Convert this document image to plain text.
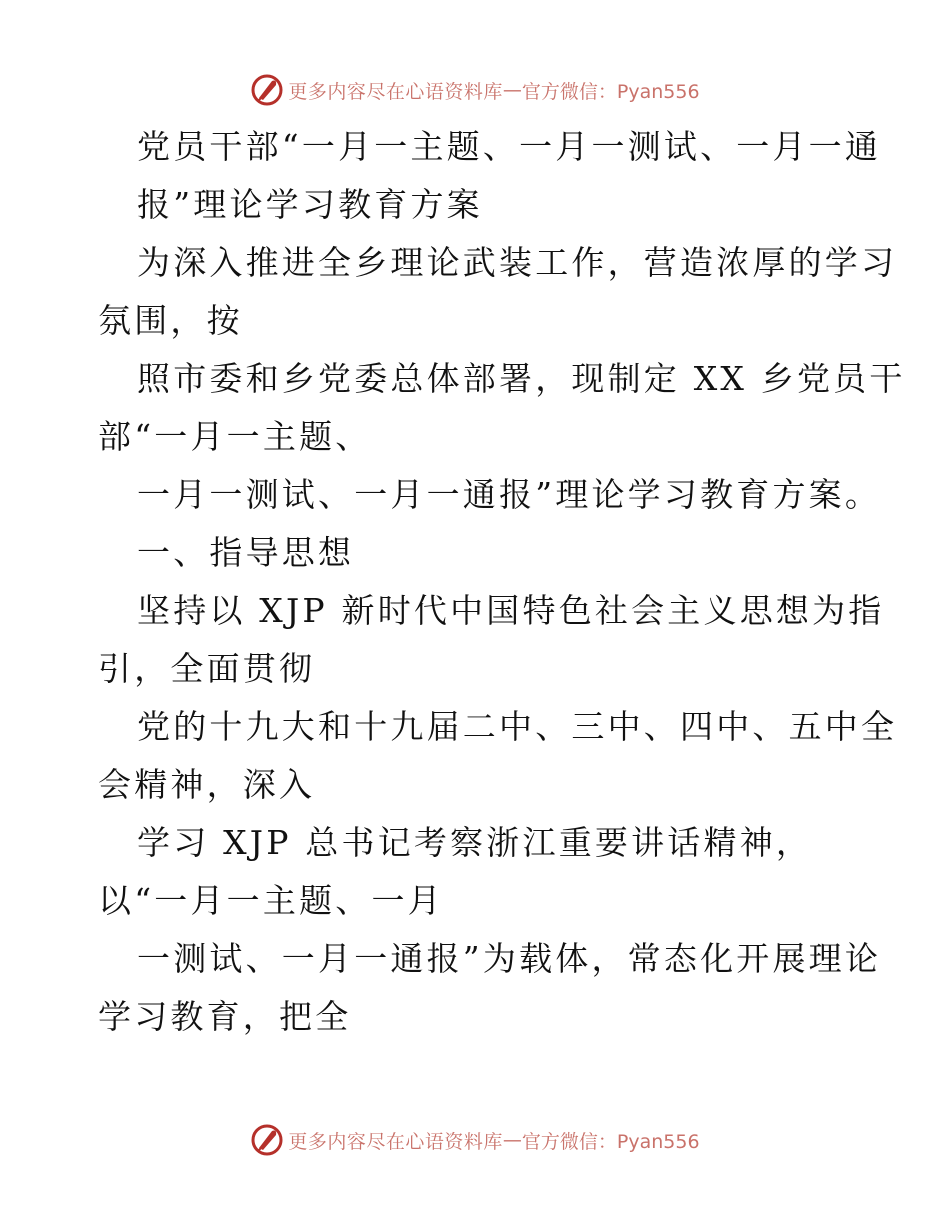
更多内容尽在心语资料库 — 官方微信：Pyan556
党员干部“一月一主题、一月一测试、一月一通
报”理论学习教育方案
为深入推进全乡理论武装工作，营造浓厚的学习
氛围，按
照市委和乡党委总体部署，现制定 XX 乡党员干
部“一月一主题、
一月一测试、一月一通报”理论学习教育方案。
一、指导思想
坚持以 XJP 新时代中国特色社会主义思想为指
引，全面贯彻
党的十九大和十九届二中、三中、四中、五中全
会精神，深入
学习 XJP 总书记考察浙江重要讲话精神，
以“一月一主题、一月
一测试、一月一通报”为载体，常态化开展理论
学习教育，把全
更多内容尽在心语资料库 — 官方微信：Pyan556
